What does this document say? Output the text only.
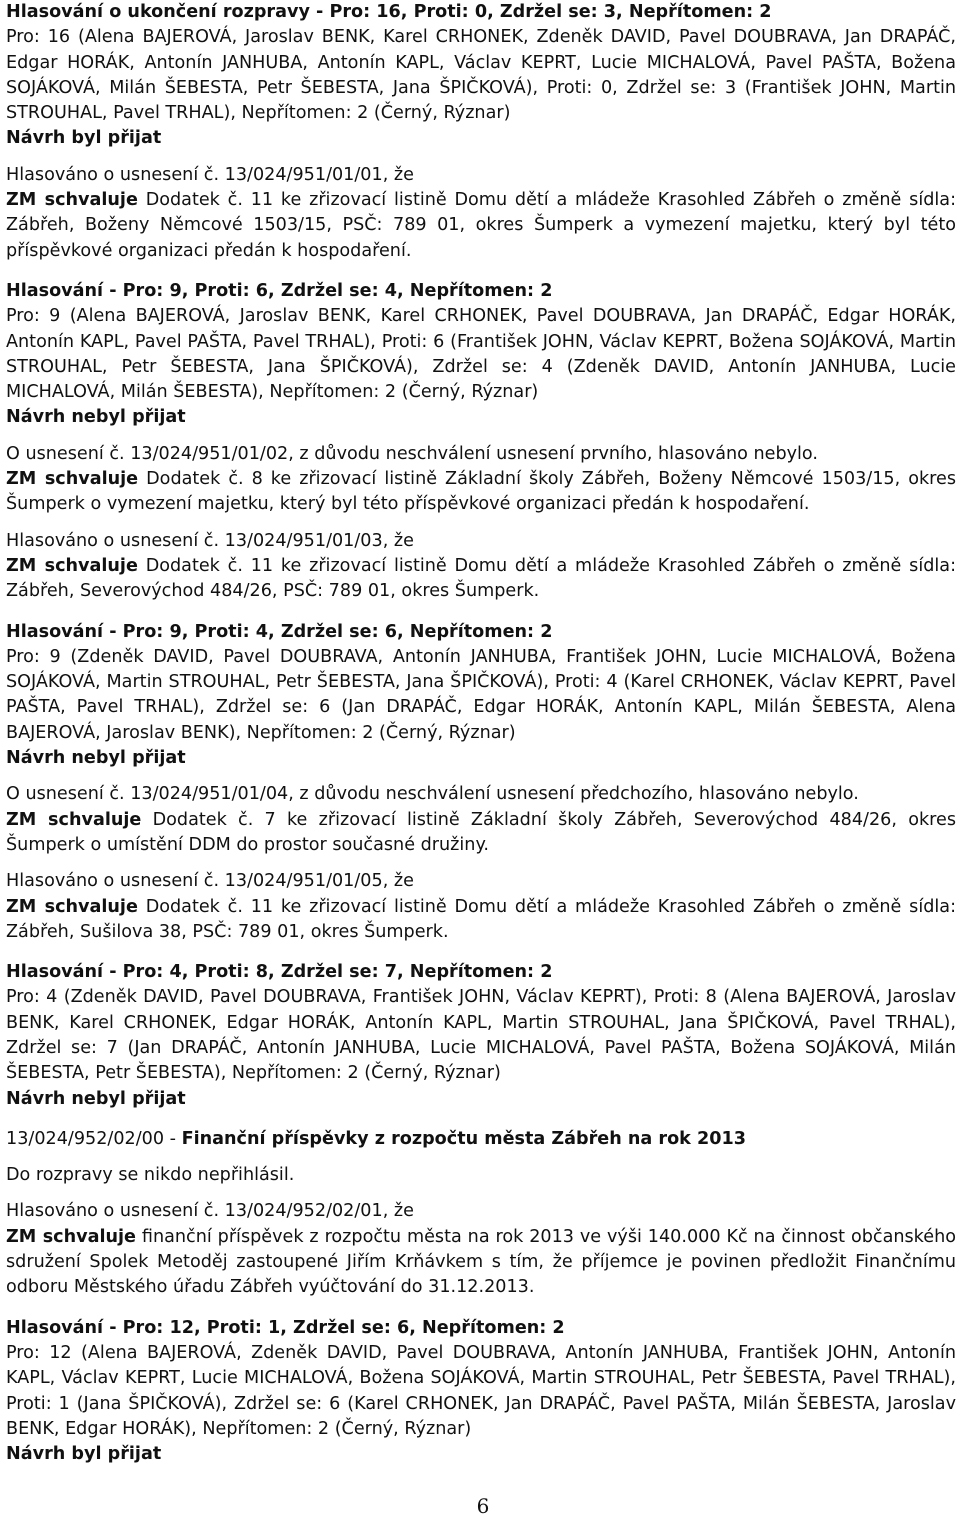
Hlasování o ukončení rozpravy - Pro: 16, Proti: 0, Zdržel se: 3, Nepřítomen: 2

Pro: 16 (Alena BAJEROVÁ, Jaroslav BENK, Karel CRHONEK, Zdeněk DAVID, Pavel DOUBRAVA, Jan DRAPÁČ, Edgar HORÁK, Antonín JANHUBA, Antonín KAPL, Václav KEPRT, Lucie MICHALOVÁ, Pavel PAŠTA, Božena SOJÁKOVÁ, Milán ŠEBESTA, Petr ŠEBESTA, Jana ŠPIČKOVÁ), Proti: 0, Zdržel se: 3 (František JOHN, Martin STROUHAL, Pavel TRHAL), Nepřítomen: 2 (Černý, Rýznar)

Návrh byl přijat

Hlasováno o usnesení č. 13/024/951/01/01, že

ZM schvaluje Dodatek č. 11 ke zřizovací listině Domu dětí a mládeže Krasohled Zábřeh o změně sídla: Zábřeh, Boženy Němcové 1503/15, PSČ: 789 01, okres Šumperk a vymezení majetku, který byl této příspěvkové organizaci předán k hospodaření.

Hlasování - Pro: 9, Proti: 6, Zdržel se: 4, Nepřítomen: 2

Pro: 9 (Alena BAJEROVÁ, Jaroslav BENK, Karel CRHONEK, Pavel DOUBRAVA, Jan DRAPÁČ, Edgar HORÁK, Antonín KAPL, Pavel PAŠTA, Pavel TRHAL), Proti: 6 (František JOHN, Václav KEPRT, Božena SOJÁKOVÁ, Martin STROUHAL, Petr ŠEBESTA, Jana ŠPIČKOVÁ), Zdržel se: 4 (Zdeněk DAVID, Antonín JANHUBA, Lucie MICHALOVÁ, Milán ŠEBESTA), Nepřítomen: 2 (Černý, Rýznar)

Návrh nebyl přijat

O usnesení č. 13/024/951/01/02, z důvodu neschválení usnesení prvního, hlasováno nebylo.

ZM schvaluje Dodatek č. 8 ke zřizovací listině Základní školy Zábřeh, Boženy Němcové 1503/15, okres Šumperk o vymezení majetku, který byl této příspěvkové organizaci předán k hospodaření.

Hlasováno o usnesení č. 13/024/951/01/03, že

ZM schvaluje Dodatek č. 11 ke zřizovací listině Domu dětí a mládeže Krasohled Zábřeh o změně sídla: Zábřeh, Severovýchod 484/26, PSČ: 789 01, okres Šumperk.

Hlasování - Pro: 9, Proti: 4, Zdržel se: 6, Nepřítomen: 2

Pro: 9 (Zdeněk DAVID, Pavel DOUBRAVA, Antonín JANHUBA, František JOHN, Lucie MICHALOVÁ, Božena SOJÁKOVÁ, Martin STROUHAL, Petr ŠEBESTA, Jana ŠPIČKOVÁ), Proti: 4 (Karel CRHONEK, Václav KEPRT, Pavel PAŠTA, Pavel TRHAL), Zdržel se: 6 (Jan DRAPÁČ, Edgar HORÁK, Antonín KAPL, Milán ŠEBESTA, Alena BAJEROVÁ, Jaroslav BENK), Nepřítomen: 2 (Černý, Rýznar)

Návrh nebyl přijat

O usnesení č. 13/024/951/01/04, z důvodu neschválení usnesení předchozího, hlasováno nebylo.

ZM schvaluje Dodatek č. 7 ke zřizovací listině Základní školy Zábřeh, Severovýchod 484/26, okres Šumperk o umístění DDM do prostor současné družiny.

Hlasováno o usnesení č. 13/024/951/01/05, že

ZM schvaluje Dodatek č. 11 ke zřizovací listině Domu dětí a mládeže Krasohled Zábřeh o změně sídla: Zábřeh, Sušilova 38, PSČ: 789 01, okres Šumperk.

Hlasování - Pro: 4, Proti: 8, Zdržel se: 7, Nepřítomen: 2

Pro: 4 (Zdeněk DAVID, Pavel DOUBRAVA, František JOHN, Václav KEPRT), Proti: 8 (Alena BAJEROVÁ, Jaroslav BENK, Karel CRHONEK, Edgar HORÁK, Antonín KAPL, Martin STROUHAL, Jana ŠPIČKOVÁ, Pavel TRHAL), Zdržel se: 7 (Jan DRAPÁČ, Antonín JANHUBA, Lucie MICHALOVÁ, Pavel PAŠTA, Božena SOJÁKOVÁ, Milán ŠEBESTA, Petr ŠEBESTA), Nepřítomen: 2 (Černý, Rýznar)

Návrh nebyl přijat

13/024/952/02/00 - Finanční příspěvky z rozpočtu města Zábřeh na rok 2013

Do rozpravy se nikdo nepřihlásil.

Hlasováno o usnesení č. 13/024/952/02/01, že

ZM schvaluje finanční příspěvek z rozpočtu města na rok 2013 ve výši 140.000 Kč na činnost občanského sdružení Spolek Metoděj zastoupené Jiřím Krňávkem s tím, že příjemce je povinen předložit Finančnímu odboru Městského úřadu Zábřeh vyúčtování do 31.12.2013.

Hlasování - Pro: 12, Proti: 1, Zdržel se: 6, Nepřítomen: 2

Pro: 12 (Alena BAJEROVÁ, Zdeněk DAVID, Pavel DOUBRAVA, Antonín JANHUBA, František JOHN, Antonín KAPL, Václav KEPRT, Lucie MICHALOVÁ, Božena SOJÁKOVÁ, Martin STROUHAL, Petr ŠEBESTA, Pavel TRHAL), Proti: 1 (Jana ŠPIČKOVÁ), Zdržel se: 6 (Karel CRHONEK, Jan DRAPÁČ, Pavel PAŠTA, Milán ŠEBESTA, Jaroslav BENK, Edgar HORÁK), Nepřítomen: 2 (Černý, Rýznar)

Návrh byl přijat

6
